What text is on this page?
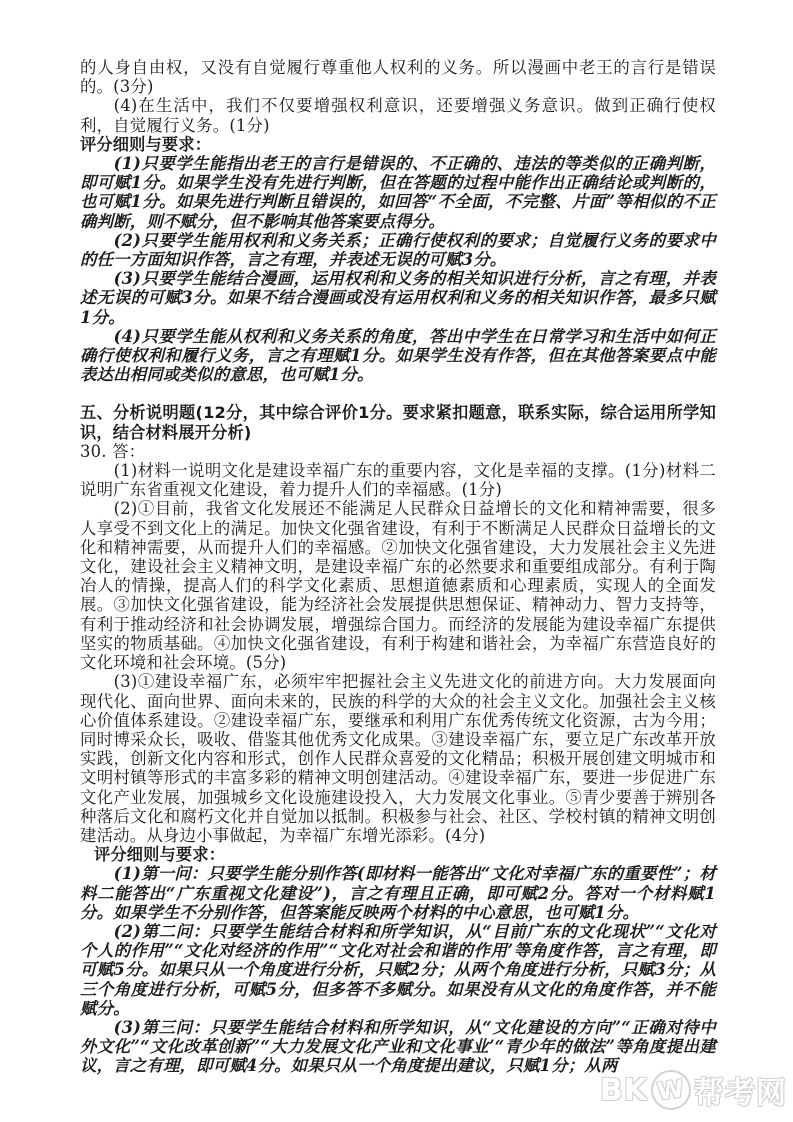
的人身自由权，又没有自觉履行尊重他人权利的义务。所以漫画中老王的言行是错误的。(3分)

(4)在生活中，我们不仅要增强权利意识，还要增强义务意识。做到正确行使权利，自觉履行义务。(1分)

评分细则与要求：

(1)只要学生能指出老王的言行是错误的、不正确的、违法的等类似的正确判断，即可赋1分。如果学生没有先进行判断，但在答题的过程中能作出正确结论或判断的，也可赋1分。如果先进行判断且错误的，如回答“不全面，不完整、片面”等相似的不正确判断，则不赋分，但不影响其他答案要点得分。

(2)只要学生能用权利和义务关系；正确行使权利的要求；自觉履行义务的要求中的任一方面知识作答，言之有理，并表述无误的可赋3分。

(3)只要学生能结合漫画，运用权利和义务的相关知识进行分析，言之有理，并表述无误的可赋3分。如果不结合漫画或没有运用权利和义务的相关知识作答，最多只赋1分。

(4)只要学生能从权利和义务关系的角度，答出中学生在日常学习和生活中如何正确行使权利和履行义务，言之有理赋1分。如果学生没有作答，但在其他答案要点中能表达出相同或类似的意思，也可赋1分。

五、分析说明题(12分，其中综合评价1分。要求紧扣题意，联系实际，综合运用所学知识，结合材料展开分析)

30. 答：

(1)材料一说明文化是建设幸福广东的重要内容，文化是幸福的支撑。(1分)材料二说明广东省重视文化建设，着力提升人们的幸福感。(1分)

(2)①目前，我省文化发展还不能满足人民群众日益增长的文化和精神需要，很多人享受不到文化上的满足。加快文化强省建设，有利于不断满足人民群众日益增长的文化和精神需要，从而提升人们的幸福感。②加快文化强省建设，大力发展社会主义先进文化，建设社会主义精神文明，是建设幸福广东的必然要求和重要组成部分。有利于陶冶人的情操，提高人们的科学文化素质、思想道德素质和心理素质，实现人的全面发展。③加快文化强省建设，能为经济社会发展提供思想保证、精神动力、智力支持等，有利于推动经济和社会协调发展，增强综合国力。而经济的发展能为建设幸福广东提供坚实的物质基础。④加快文化强省建设，有利于构建和谐社会，为幸福广东营造良好的文化环境和社会环境。(5分)

(3)①建设幸福广东，必须牢牢把握社会主义先进文化的前进方向。大力发展面向现代化、面向世界、面向未来的，民族的科学的大众的社会主义文化。加强社会主义核心价值体系建设。②建设幸福广东，要继承和利用广东优秀传统文化资源，古为今用；同时博采众长，吸收、借鉴其他优秀文化成果。③建设幸福广东，要立足广东改革开放实践，创新文化内容和形式，创作人民群众喜爱的文化精品；积极开展创建文明城市和文明村镇等形式的丰富多彩的精神文明创建活动。④建设幸福广东，要进一步促进广东文化产业发展，加强城乡文化设施建设投入，大力发展文化事业。⑤青少要善于辨别各种落后文化和腐朽文化并自觉加以抵制。积极参与社会、社区、学校村镇的精神文明创建活动。从身边小事做起，为幸福广东增光添彩。(4分)

评分细则与要求：

(1)第一问：只要学生能分别作答(即材料一能答出“文化对幸福广东的重要性”；材料二能答出“广东重视文化建设”)，言之有理且正确，即可赋2分。答对一个材料赋1分。如果学生不分别作答，但答案能反映两个材料的中心意思，也可赋1分。

(2)第二问：只要学生能结合材料和所学知识，从“目前广东的文化现状”“文化对个人的作用”“文化对经济的作用”“文化对社会和谐的作用’等角度作答，言之有理，即可赋5分。如果只从一个角度进行分析，只赋2分；从两个角度进行分析，只赋3分；从三个角度进行分析，可赋5分，但多答不多赋分。如果没有从文化的角度作答，并不能赋分。

(3)第三问：只要学生能结合材料和所学知识，从“文化建设的方向”“正确对待中外文化”“文化改革创新”“大力发展文化产业和文化事业’“青少年的做法”等角度提出建议，言之有理，即可赋4分。如果只从一个角度提出建议，只赋1分；从两

BK W 帮考网
